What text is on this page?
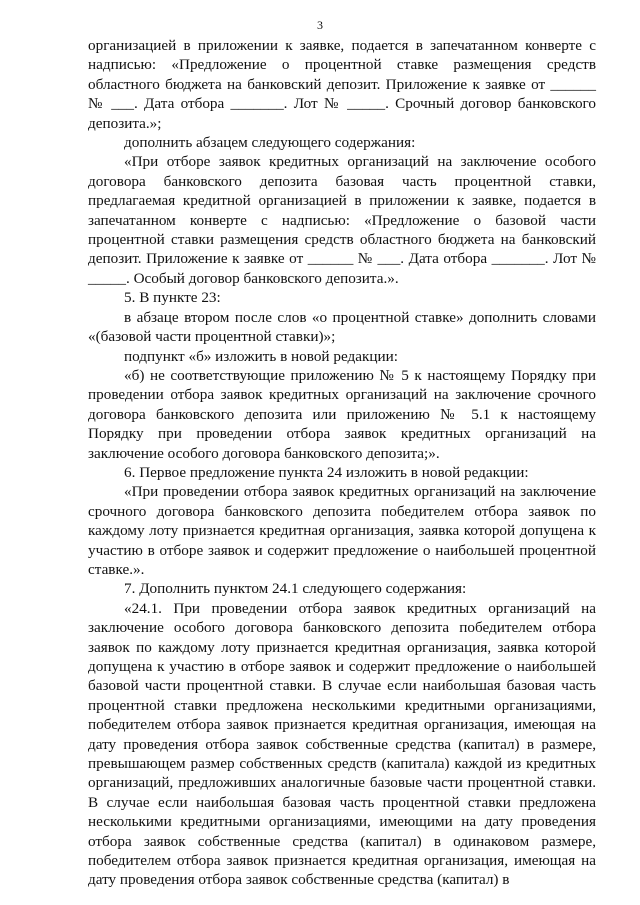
3

организацией в приложении к заявке, подается в запечатанном конверте с надписью: «Предложение о процентной ставке размещения средств областного бюджета на банковский депозит. Приложение к заявке от ______ № ___. Дата отбора _______. Лот № _____. Срочный договор банковского депозита.»;

дополнить абзацем следующего содержания:

«При отборе заявок кредитных организаций на заключение особого договора банковского депозита базовая часть процентной ставки, предлагаемая кредитной организацией в приложении к заявке, подается в запечатанном конверте с надписью: «Предложение о базовой части процентной ставки размещения средств областного бюджета на банковский депозит. Приложение к заявке от ______ № ___. Дата отбора _______. Лот № _____. Особый договор банковского депозита.».

5. В пункте 23:

в абзаце втором после слов «о процентной ставке» дополнить словами «(базовой части процентной ставки)»;

подпункт «б» изложить в новой редакции:

«б) не соответствующие приложению № 5 к настоящему Порядку при проведении отбора заявок кредитных организаций на заключение срочного договора банковского депозита или приложению № 5.1 к настоящему Порядку при проведении отбора заявок кредитных организаций на заключение особого договора банковского депозита;».

6. Первое предложение пункта 24 изложить в новой редакции:

«При проведении отбора заявок кредитных организаций на заключение срочного договора банковского депозита победителем отбора заявок по каждому лоту признается кредитная организация, заявка которой допущена к участию в отборе заявок и содержит предложение о наибольшей процентной ставке.».

7. Дополнить пунктом 24.1 следующего содержания:

«24.1. При проведении отбора заявок кредитных организаций на заключение особого договора банковского депозита победителем отбора заявок по каждому лоту признается кредитная организация, заявка которой допущена к участию в отборе заявок и содержит предложение о наибольшей базовой части процентной ставки. В случае если наибольшая базовая часть процентной ставки предложена несколькими кредитными организациями, победителем отбора заявок признается кредитная организация, имеющая на дату проведения отбора заявок собственные средства (капитал) в размере, превышающем размер собственных средств (капитала) каждой из кредитных организаций, предложивших аналогичные базовые части процентной ставки. В случае если наибольшая базовая часть процентной ставки предложена несколькими кредитными организациями, имеющими на дату проведения отбора заявок собственные средства (капитал) в одинаковом размере, победителем отбора заявок признается кредитная организация, имеющая на дату проведения отбора заявок собственные средства (капитал) в
